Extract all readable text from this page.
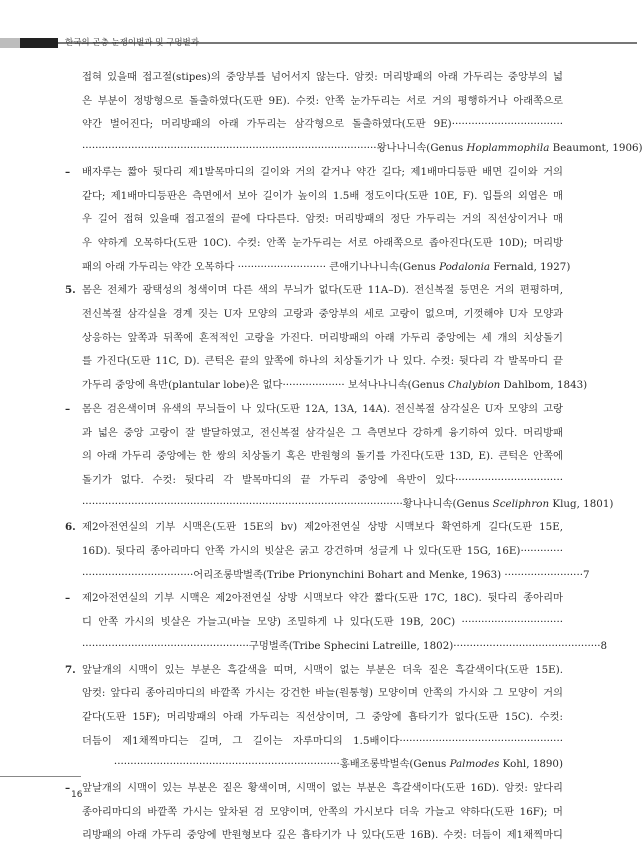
한국의 곤충 눈쟁이벌과 및 구멍벌과
접혀 있을때 접고절(stipes)의 중앙부를 넘어서지 않는다. 암컷: 머리방패의 아래 가두리는 중앙부의 넓
은 부분이 정방형으로 돌출하였다(도판 9E). 수컷: 안쪽 눈가두리는 서로 거의 평행하거나 아래쪽으로
약간 벌어진다; 머리방패의 아래 가두리는 삼각형으로 돌출하였다(도판 9E)··································
··························································································왕나나니속(Genus Hoplammophila Beaumont, 1906)
– 배자루는 짧아 뒷다리 제1발목마디의 길이와 거의 같거나 약간 길다; 제1배마디등판 배면 길이와 거의
같다; 제1배마디등판은 측면에서 보아 길이가 높이의 1.5배 정도이다(도판 10E, F). 입틀의 외엽은 매
우 길어 접혀 있을때 접고절의 끝에 다다른다. 암컷: 머리방패의 정단 가두리는 거의 직선상이거나 매
우 약하게 오목하다(도판 10C). 수컷: 안쪽 눈가두리는 서로 아래쪽으로 좁아진다(도판 10D); 머리방
패의 아래 가두리는 약간 오목하다 ··························· 큰애기나나니속(Genus Podalonia Fernald, 1927)
5. 몸은 전체가 광택성의 청색이며 다른 색의 무늬가 없다(도판 11A–D). 전신복절 등면은 거의 편평하며,
전신복절 삼각실을 경계 짓는 U자 모양의 고랑과 중앙부의 세로 고랑이 없으며, 기껏해야 U자 모양과
상응하는 앞쪽과 뒤쪽에 흔적적인 고랑을 가진다. 머리방패의 아래 가두리 중앙에는 세 개의 치상돌기
를 가진다(도판 11C, D). 큰턱은 끝의 앞쪽에 하나의 치상돌기가 나 있다. 수컷: 뒷다리 각 발목마디 끝
가두리 중앙에 욕반(plantular lobe)은 없다··················· 보석나나니속(Genus Chalybion Dahlbom, 1843)
– 몸은 검은색이며 유색의 무늬들이 나 있다(도판 12A, 13A, 14A). 전신복절 삼각실은 U자 모양의 고랑
과 넓은 중앙 고랑이 잘 발달하였고, 전신복절 삼각실은 그 측면보다 강하게 융기하여 있다. 머리방패
의 아래 가두리 중앙에는 한 쌍의 치상돌기 혹은 반원형의 돌기를 가진다(도판 13D, E). 큰턱은 안쪽에
돌기가 없다. 수컷: 뒷다리 각 발목마디의 끝 가두리 중앙에 욕반이 있다·································
··································································································황나나니속(Genus Sceliphron Klug, 1801)
6. 제2아전연실의 기부 시맥은(도판 15E의 bv) 제2아전연실 상방 시맥보다 확연하게 길다(도판 15E,
16D). 뒷다리 종아리마디 안쪽 가시의 빗살은 굵고 강건하며 성글게 나 있다(도판 15G, 16E)·············
··································어리조롱박벌족(Tribe Prionynchini Bohart and Menke, 1963) ························7
– 제2아전연실의 기부 시맥은 제2아전연실 상방 시맥보다 약간 짧다(도판 17C, 18C). 뒷다리 종아리마
디 안쪽 가시의 빗살은 가늘고(바늘 모양) 조밀하게 나 있다(도판 19B, 20C) ·······························
···················································구멍벌족(Tribe Sphecini Latreille, 1802)·············································8
7. 앞날개의 시맥이 있는 부분은 흑갈색을 띠며, 시맥이 없는 부분은 더욱 짙은 흑갈색이다(도판 15E).
암컷: 앞다리 종아리마디의 바깥쪽 가시는 강건한 바늘(원통형) 모양이며 안쪽의 가시와 그 모양이 거의
같다(도판 15F); 머리방패의 아래 가두리는 직선상이며, 그 중앙에 흡타기가 없다(도판 15C). 수컷:
더듬이 제1채찍마디는 길며, 그 길이는 자루마디의 1.5배이다··················································
·····································································홍배조롱박벌속(Genus Palmodes Kohl, 1890)
– 앞날개의 시맥이 있는 부분은 짙은 황색이며, 시맥이 없는 부분은 흑갈색이다(도판 16D). 암컷: 앞다리
종아리마디의 바깥쪽 가시는 앞차된 검 모양이며, 안쪽의 가시보다 더욱 가늘고 약하다(도판 16F); 머
리방패의 아래 가두리 중앙에 반원형보다 깊은 흡타기가 나 있다(도판 16B). 수컷: 더듬이 제1채찍마디
16
